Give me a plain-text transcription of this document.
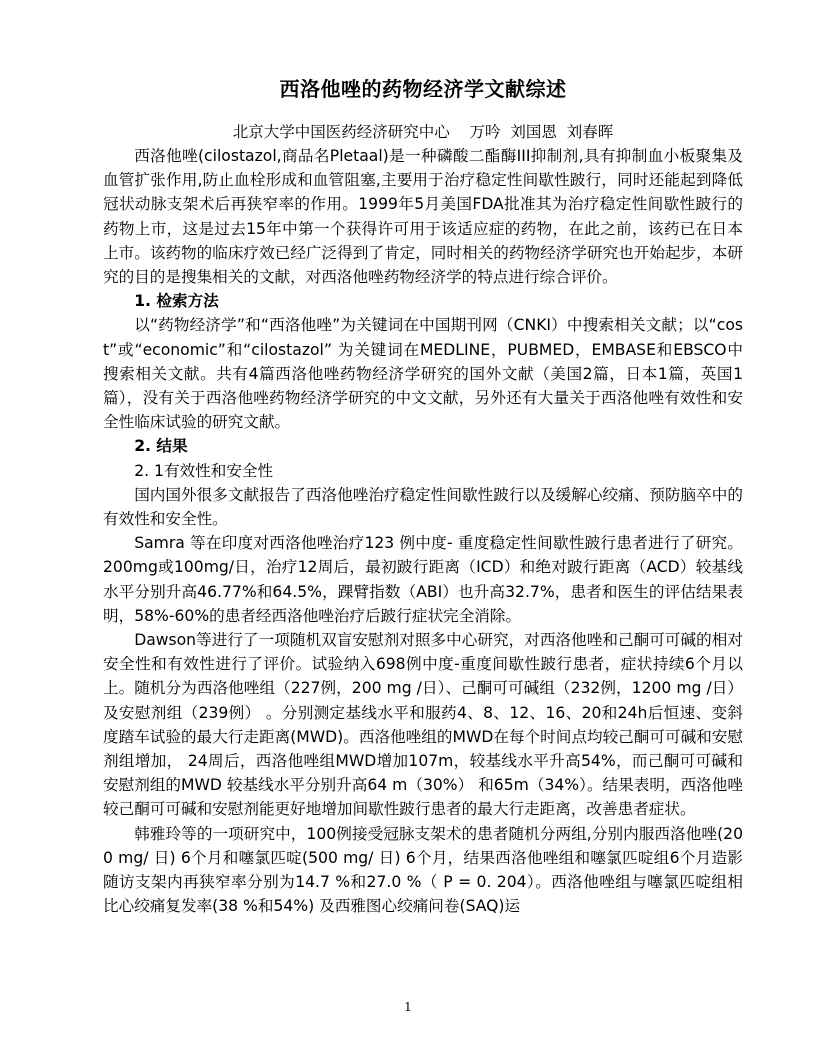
西洛他唑的药物经济学文献综述

北京大学中国医药经济研究中心    万吟  刘国恩  刘春晖

西洛他唑(cilostazol,商品名Pletaal)是一种磷酸二酯酶III抑制剂,具有抑制血小板聚集及血管扩张作用,防止血栓形成和血管阻塞,主要用于治疗稳定性间歇性跛行，同时还能起到降低冠状动脉支架术后再狭窄率的作用。1999年5月美国FDA批准其为治疗稳定性间歇性跛行的药物上市，这是过去15年中第一个获得许可用于该适应症的药物，在此之前，该药已在日本上市。该药物的临床疗效已经广泛得到了肯定，同时相关的药物经济学研究也开始起步，本研究的目的是搜集相关的文献，对西洛他唑药物经济学的特点进行综合评价。

1. 检索方法

以“药物经济学”和“西洛他唑”为关键词在中国期刊网（CNKI）中搜索相关文献；以“cost”或“economic”和“cilostazol” 为关键词在MEDLINE，PUBMED，EMBASE和EBSCO中搜索相关文献。共有4篇西洛他唑药物经济学研究的国外文献（美国2篇，日本1篇，英国1篇），没有关于西洛他唑药物经济学研究的中文文献，另外还有大量关于西洛他唑有效性和安全性临床试验的研究文献。

2. 结果

2. 1有效性和安全性

国内国外很多文献报告了西洛他唑治疗稳定性间歇性跛行以及缓解心绞痛、预防脑卒中的有效性和安全性。

Samra 等在印度对西洛他唑治疗123 例中度- 重度稳定性间歇性跛行患者进行了研究。200mg或100mg/日，治疗12周后，最初跛行距离（ICD）和绝对跛行距离（ACD）较基线水平分别升高46.77%和64.5%，踝臂指数（ABI）也升高32.7%，患者和医生的评估结果表明，58%-60%的患者经西洛他唑治疗后跛行症状完全消除。

Dawson等进行了一项随机双盲安慰剂对照多中心研究，对西洛他唑和己酮可可碱的相对安全性和有效性进行了评价。试验纳入698例中度-重度间歇性跛行患者，症状持续6个月以上。随机分为西洛他唑组（227例，200 mg /日）、己酮可可碱组（232例，1200 mg /日） 及安慰剂组（239例） 。分别测定基线水平和服药4、8、12、16、20和24h后恒速、变斜度踏车试验的最大行走距离(MWD)。西洛他唑组的MWD在每个时间点均较己酮可可碱和安慰剂组增加， 24周后，西洛他唑组MWD增加107m，较基线水平升高54%，而己酮可可碱和安慰剂组的MWD 较基线水平分别升高64 m（30%） 和65m（34%）。结果表明，西洛他唑较己酮可可碱和安慰剂能更好地增加间歇性跛行患者的最大行走距离，改善患者症状。

韩雅玲等的一项研究中，100例接受冠脉支架术的患者随机分两组,分别内服西洛他唑(200 mg/ 日) 6个月和噻氯匹啶(500 mg/ 日) 6个月，结果西洛他唑组和噻氯匹啶组6个月造影随访支架内再狭窄率分别为14.7 %和27.0 %（ P = 0. 204）。西洛他唑组与噻氯匹啶组相比心绞痛复发率(38 %和54%) 及西雅图心绞痛问卷(SAQ)运

1
